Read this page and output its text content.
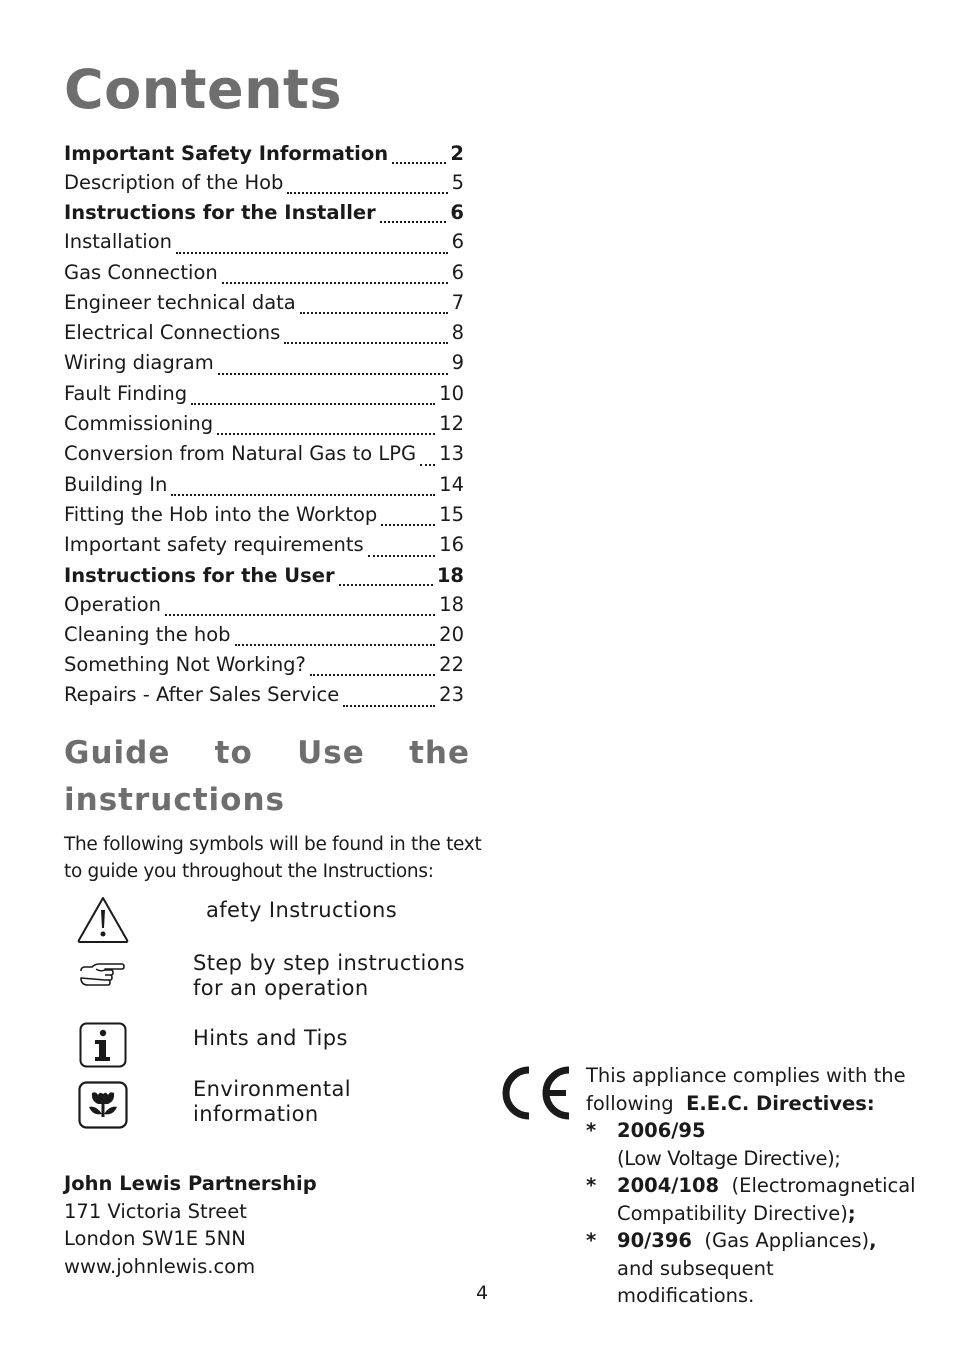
Contents
Important Safety Information	2
Description of the Hob	5
Instructions for the Installer	6
Installation	6
Gas Connection	6
Engineer technical data	7
Electrical Connections	8
Wiring diagram	9
Fault Finding	10
Commissioning	12
Conversion from Natural Gas to LPG 13
Building In	14
Fitting the Hob into the Worktop	15
Important safety requirements	16
Instructions for the User	18
Operation	18
Cleaning the hob	20
Something Not Working?	22
Repairs - After Sales Service	23
Guide to Use the
instructions
The following symbols will be found in the text to guide you throughout the Instructions:
afety Instructions
Step by step instructions
for an operation
Hints and Tips
Environmental
information
John Lewis Partnership
171 Victoria Street
London SW1E 5NN
www.johnlewis.com
This appliance complies with the
following E.E.C. Directives:
* 2006/95
(Low Voltage Directive);
* 2004/108 (Electromagnetical
Compatibility Directive);
* 90/396 (Gas Appliances),
and subsequent modifications.
4
